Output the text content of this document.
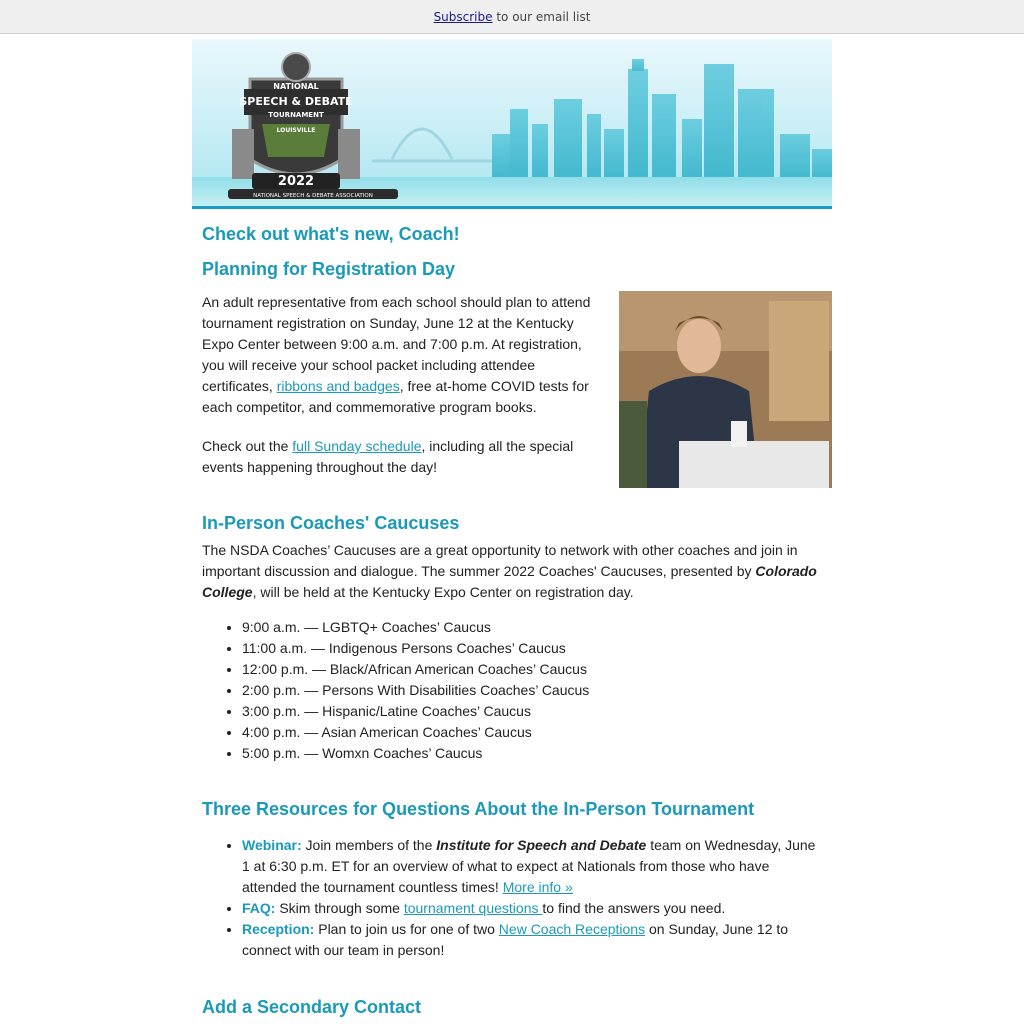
Subscribe to our email list
NATIONAL
SPEECH & DEBATE
TOURNAMENT
LOUISVILLE
2022
NATIONAL SPEECH & DEBATE ASSOCIATION
Check out what's new, Coach!
Planning for Registration Day

An adult representative from each school should plan to attend tournament registration on Sunday, June 12 at the Kentucky Expo Center between 9:00 a.m. and 7:00 p.m. At registration, you will receive your school packet including attendee certificates, ribbons and badges, free at-home COVID tests for each competitor, and commemorative program books.

Check out the full Sunday schedule, including all the special events happening throughout the day!

In-Person Coaches' Caucuses

The NSDA Coaches’ Caucuses are a great opportunity to network with other coaches and join in important discussion and dialogue. The summer 2022 Coaches' Caucuses, presented by Colorado College, will be held at the Kentucky Expo Center on registration day.

• 9:00 a.m. — LGBTQ+ Coaches’ Caucus
• 11:00 a.m. — Indigenous Persons Coaches’ Caucus
• 12:00 p.m. — Black/African American Coaches’ Caucus
• 2:00 p.m. — Persons With Disabilities Coaches’ Caucus
• 3:00 p.m. — Hispanic/Latine Coaches’ Caucus
• 4:00 p.m. — Asian American Coaches’ Caucus
• 5:00 p.m. — Womxn Coaches’ Caucus
Three Resources for Questions About the In-Person Tournament
• Webinar: Join members of the Institute for Speech and Debate team on Wednesday, June 1 at 6:30 p.m. ET for an overview of what to expect at Nationals from those who have attended the tournament countless times! More info »
• FAQ: Skim through some tournament questions to find the answers you need.
• Reception: Plan to join us for one of two New Coach Receptions on Sunday, June 12 to connect with our team in person!
Add a Secondary Contact
